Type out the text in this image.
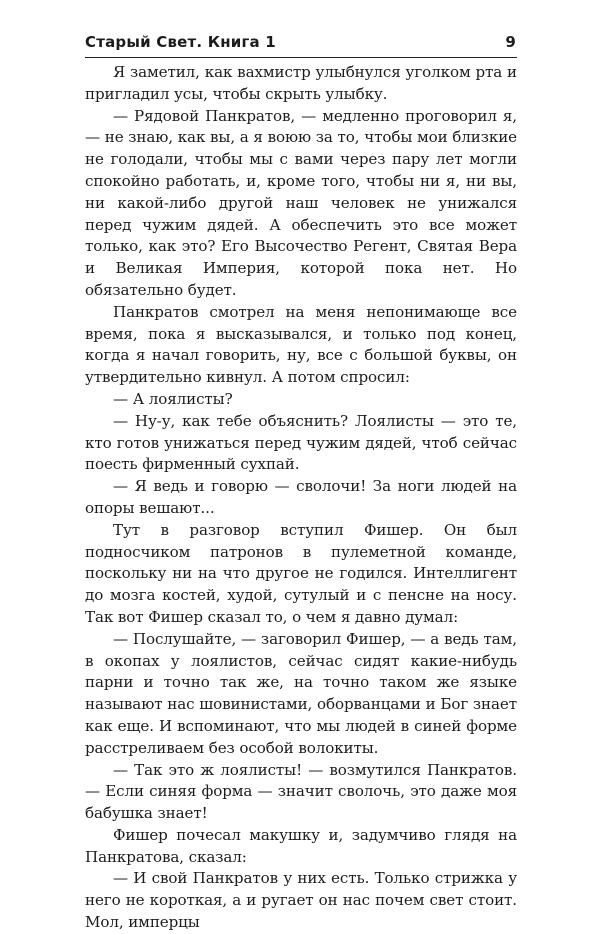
Старый Свет. Книга 1	9

Я заметил, как вахмистр улыбнулся уголком рта и пригладил усы, чтобы скрыть улыбку.

— Рядовой Панкратов, — медленно проговорил я, — не знаю, как вы, а я воюю за то, чтобы мои близкие не голодали, чтобы мы с вами через пару лет могли спокойно работать, и, кроме того, чтобы ни я, ни вы, ни какой-либо другой наш человек не унижался перед чужим дядей. А обеспечить это все может только, как это? Его Высочество Регент, Святая Вера и Великая Империя, которой пока нет. Но обязательно будет.

Панкратов смотрел на меня непонимающе все время, пока я высказывался, и только под конец, когда я начал говорить, ну, все с большой буквы, он утвердительно кивнул. А потом спросил:

— А лоялисты?

— Ну-у, как тебе объяснить? Лоялисты — это те, кто готов унижаться перед чужим дядей, чтоб сейчас поесть фирменный сухпай.

— Я ведь и говорю — сволочи! За ноги людей на опоры вешают...

Тут в разговор вступил Фишер. Он был подносчиком патронов в пулеметной команде, поскольку ни на что другое не годился. Интеллигент до мозга костей, худой, сутулый и с пенсне на носу. Так вот Фишер сказал то, о чем я давно думал:

— Послушайте, — заговорил Фишер, — а ведь там, в окопах у лоялистов, сейчас сидят какие-нибудь парни и точно так же, на точно таком же языке называют нас шовинистами, оборванцами и Бог знает как еще. И вспоминают, что мы людей в синей форме расстреливаем без особой волокиты.

— Так это ж лоялисты! — возмутился Панкратов. — Если синяя форма — значит сволочь, это даже моя бабушка знает!

Фишер почесал макушку и, задумчиво глядя на Панкратова, сказал:

— И свой Панкратов у них есть. Только стрижка у него не короткая, а и ругает он нас почем свет стоит. Мол, имперцы
